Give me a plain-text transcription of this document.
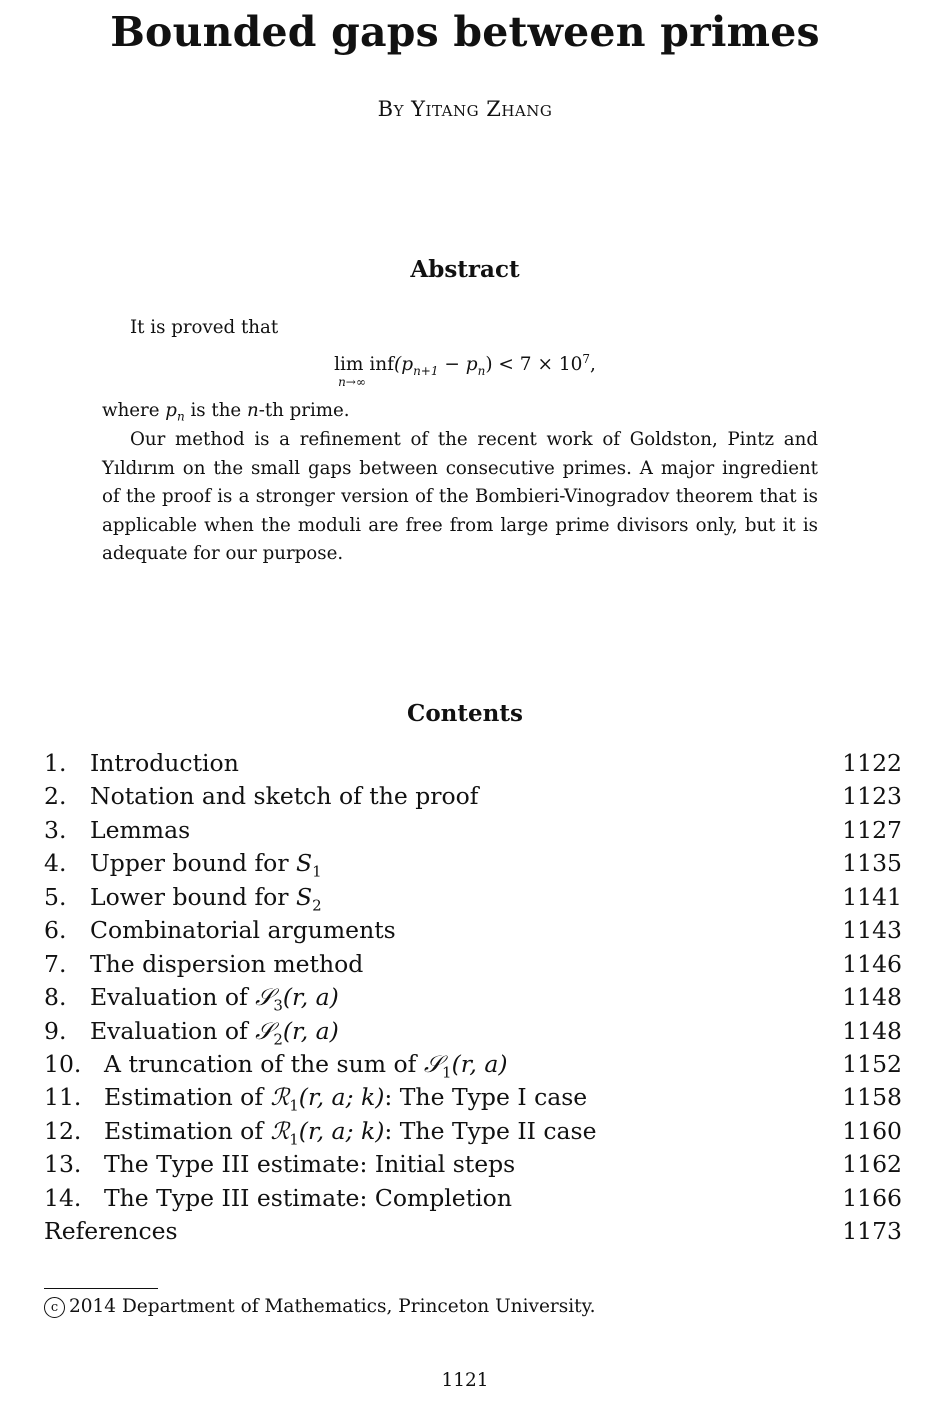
Bounded gaps between primes
By Yitang Zhang
Abstract
It is proved that
lim inf
n→∞
$(p_{n+1} - p_n) < 7 \times 10^7$,
where $p_n$ is the n-th prime.
Our method is a refinement of the recent work of Goldston, Pintz and Yıldırım on the small gaps between consecutive primes. A major ingredient of the proof is a stronger version of the Bombieri-Vinogradov theorem that is applicable when the moduli are free from large prime divisors only, but it is adequate for our purpose.
Contents
1. Introduction	1122
2. Notation and sketch of the proof	1123
3. Lemmas	1127
4. Upper bound for $S_1$	1135
5. Lower bound for $S_2$	1141
6. Combinatorial arguments	1143
7. The dispersion method	1146
8. Evaluation of 𝒮$_3$(r, a)	1148
9. Evaluation of 𝒮$_2$(r, a)	1148
10. A truncation of the sum of 𝒮$_1$(r, a)	1152
11. Estimation of ℛ$_1$(r, a; k): The Type I case	1158
12. Estimation of ℛ$_1$(r, a; k): The Type II case	1160
13. The Type III estimate: Initial steps	1162
14. The Type III estimate: Completion	1166
References	1173
c 2014 Department of Mathematics, Princeton University.
1121
